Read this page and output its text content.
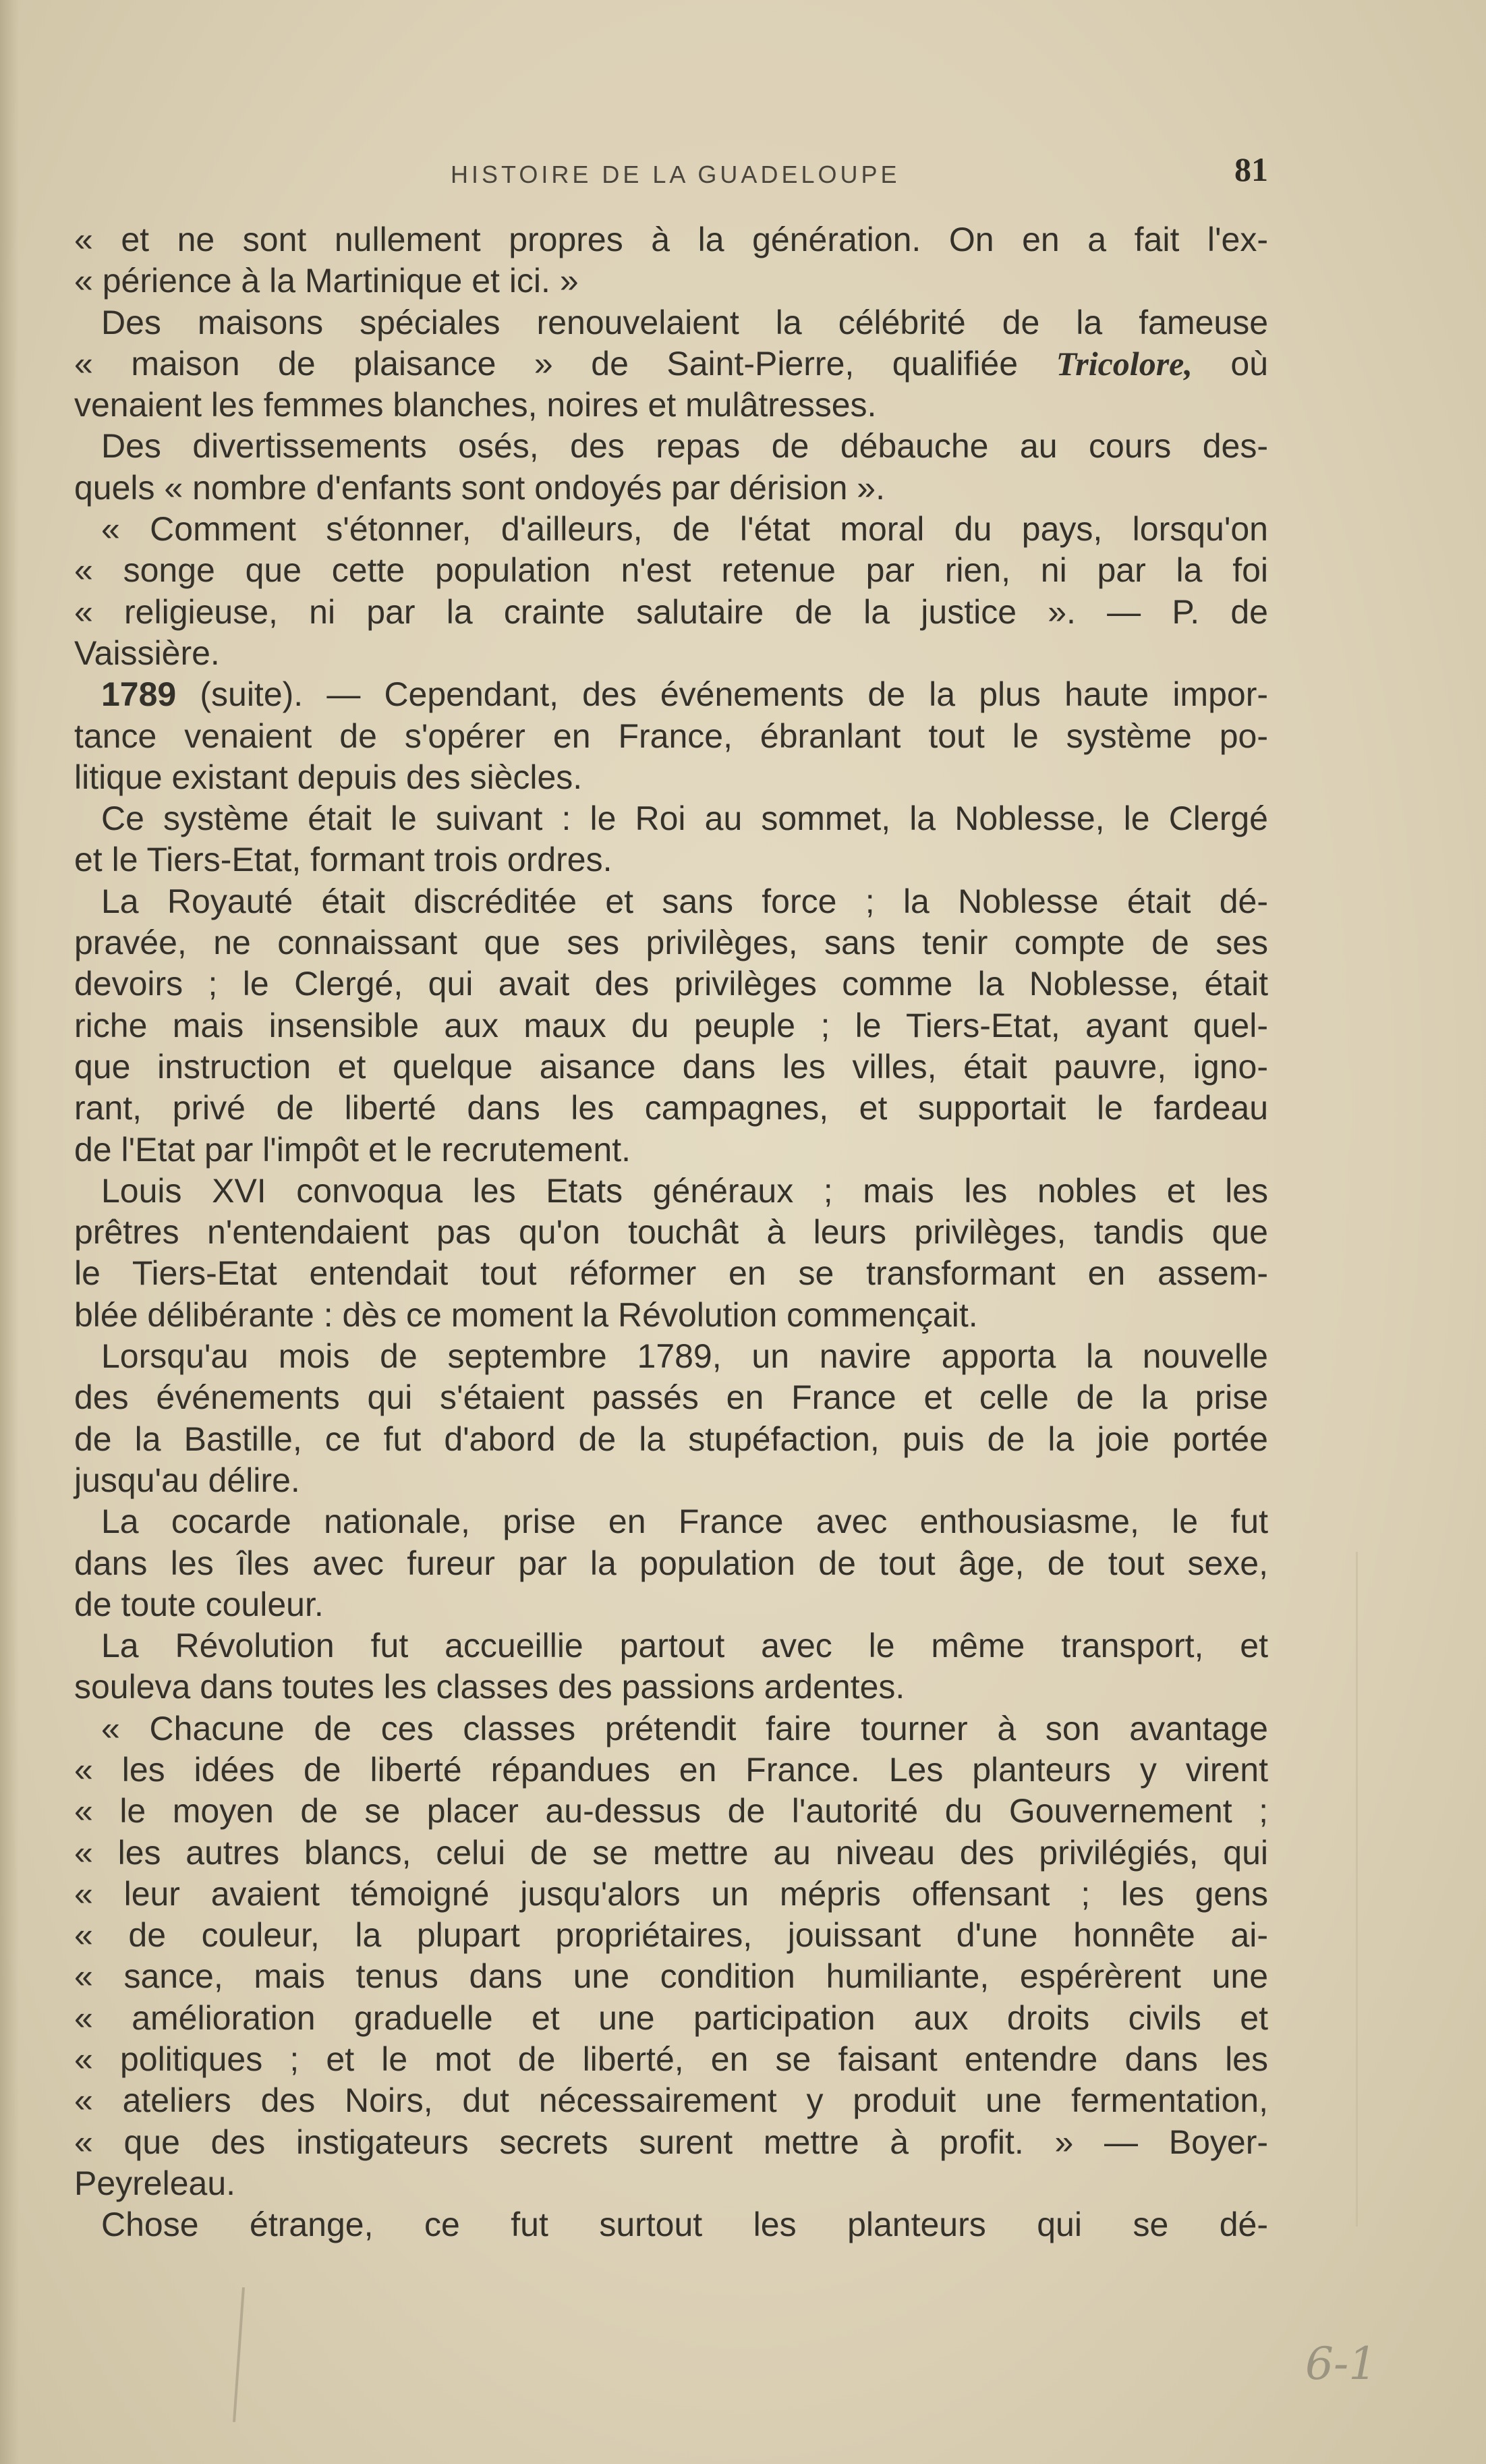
HISTOIRE DE LA GUADELOUPE	81
« et ne sont nullement propres à la génération. On en a fait l'ex-
« périence à la Martinique et ici. »
Des maisons spéciales renouvelaient la célébrité de la fameuse
« maison de plaisance » de Saint-Pierre, qualifiée Tricolore, où
venaient les femmes blanches, noires et mulâtresses.
Des divertissements osés, des repas de débauche au cours des-
quels « nombre d'enfants sont ondoyés par dérision ».
« Comment s'étonner, d'ailleurs, de l'état moral du pays, lorsqu'on
« songe que cette population n'est retenue par rien, ni par la foi
« religieuse, ni par la crainte salutaire de la justice ». — P. de
Vaissière.
1789 (suite). — Cependant, des événements de la plus haute impor-
tance venaient de s'opérer en France, ébranlant tout le système po-
litique existant depuis des siècles.
Ce système était le suivant : le Roi au sommet, la Noblesse, le Clergé
et le Tiers-Etat, formant trois ordres.
La Royauté était discréditée et sans force ; la Noblesse était dé-
pravée, ne connaissant que ses privilèges, sans tenir compte de ses
devoirs ; le Clergé, qui avait des privilèges comme la Noblesse, était
riche mais insensible aux maux du peuple ; le Tiers-Etat, ayant quel-
que instruction et quelque aisance dans les villes, était pauvre, igno-
rant, privé de liberté dans les campagnes, et supportait le fardeau
de l'Etat par l'impôt et le recrutement.
Louis XVI convoqua les Etats généraux ; mais les nobles et les
prêtres n'entendaient pas qu'on touchât à leurs privilèges, tandis que
le Tiers-Etat entendait tout réformer en se transformant en assem-
blée délibérante : dès ce moment la Révolution commençait.
Lorsqu'au mois de septembre 1789, un navire apporta la nouvelle
des événements qui s'étaient passés en France et celle de la prise
de la Bastille, ce fut d'abord de la stupéfaction, puis de la joie portée
jusqu'au délire.
La cocarde nationale, prise en France avec enthousiasme, le fut
dans les îles avec fureur par la population de tout âge, de tout sexe,
de toute couleur.
La Révolution fut accueillie partout avec le même transport, et
souleva dans toutes les classes des passions ardentes.
« Chacune de ces classes prétendit faire tourner à son avantage
« les idées de liberté répandues en France. Les planteurs y virent
« le moyen de se placer au-dessus de l'autorité du Gouvernement ;
« les autres blancs, celui de se mettre au niveau des privilégiés, qui
« leur avaient témoigné jusqu'alors un mépris offensant ; les gens
« de couleur, la plupart propriétaires, jouissant d'une honnête ai-
« sance, mais tenus dans une condition humiliante, espérèrent une
« amélioration graduelle et une participation aux droits civils et
« politiques ; et le mot de liberté, en se faisant entendre dans les
« ateliers des Noirs, dut nécessairement y produit une fermentation,
« que des instigateurs secrets surent mettre à profit. » — Boyer-
Peyreleau.
Chose étrange, ce fut surtout les planteurs qui se dé-
6-1
